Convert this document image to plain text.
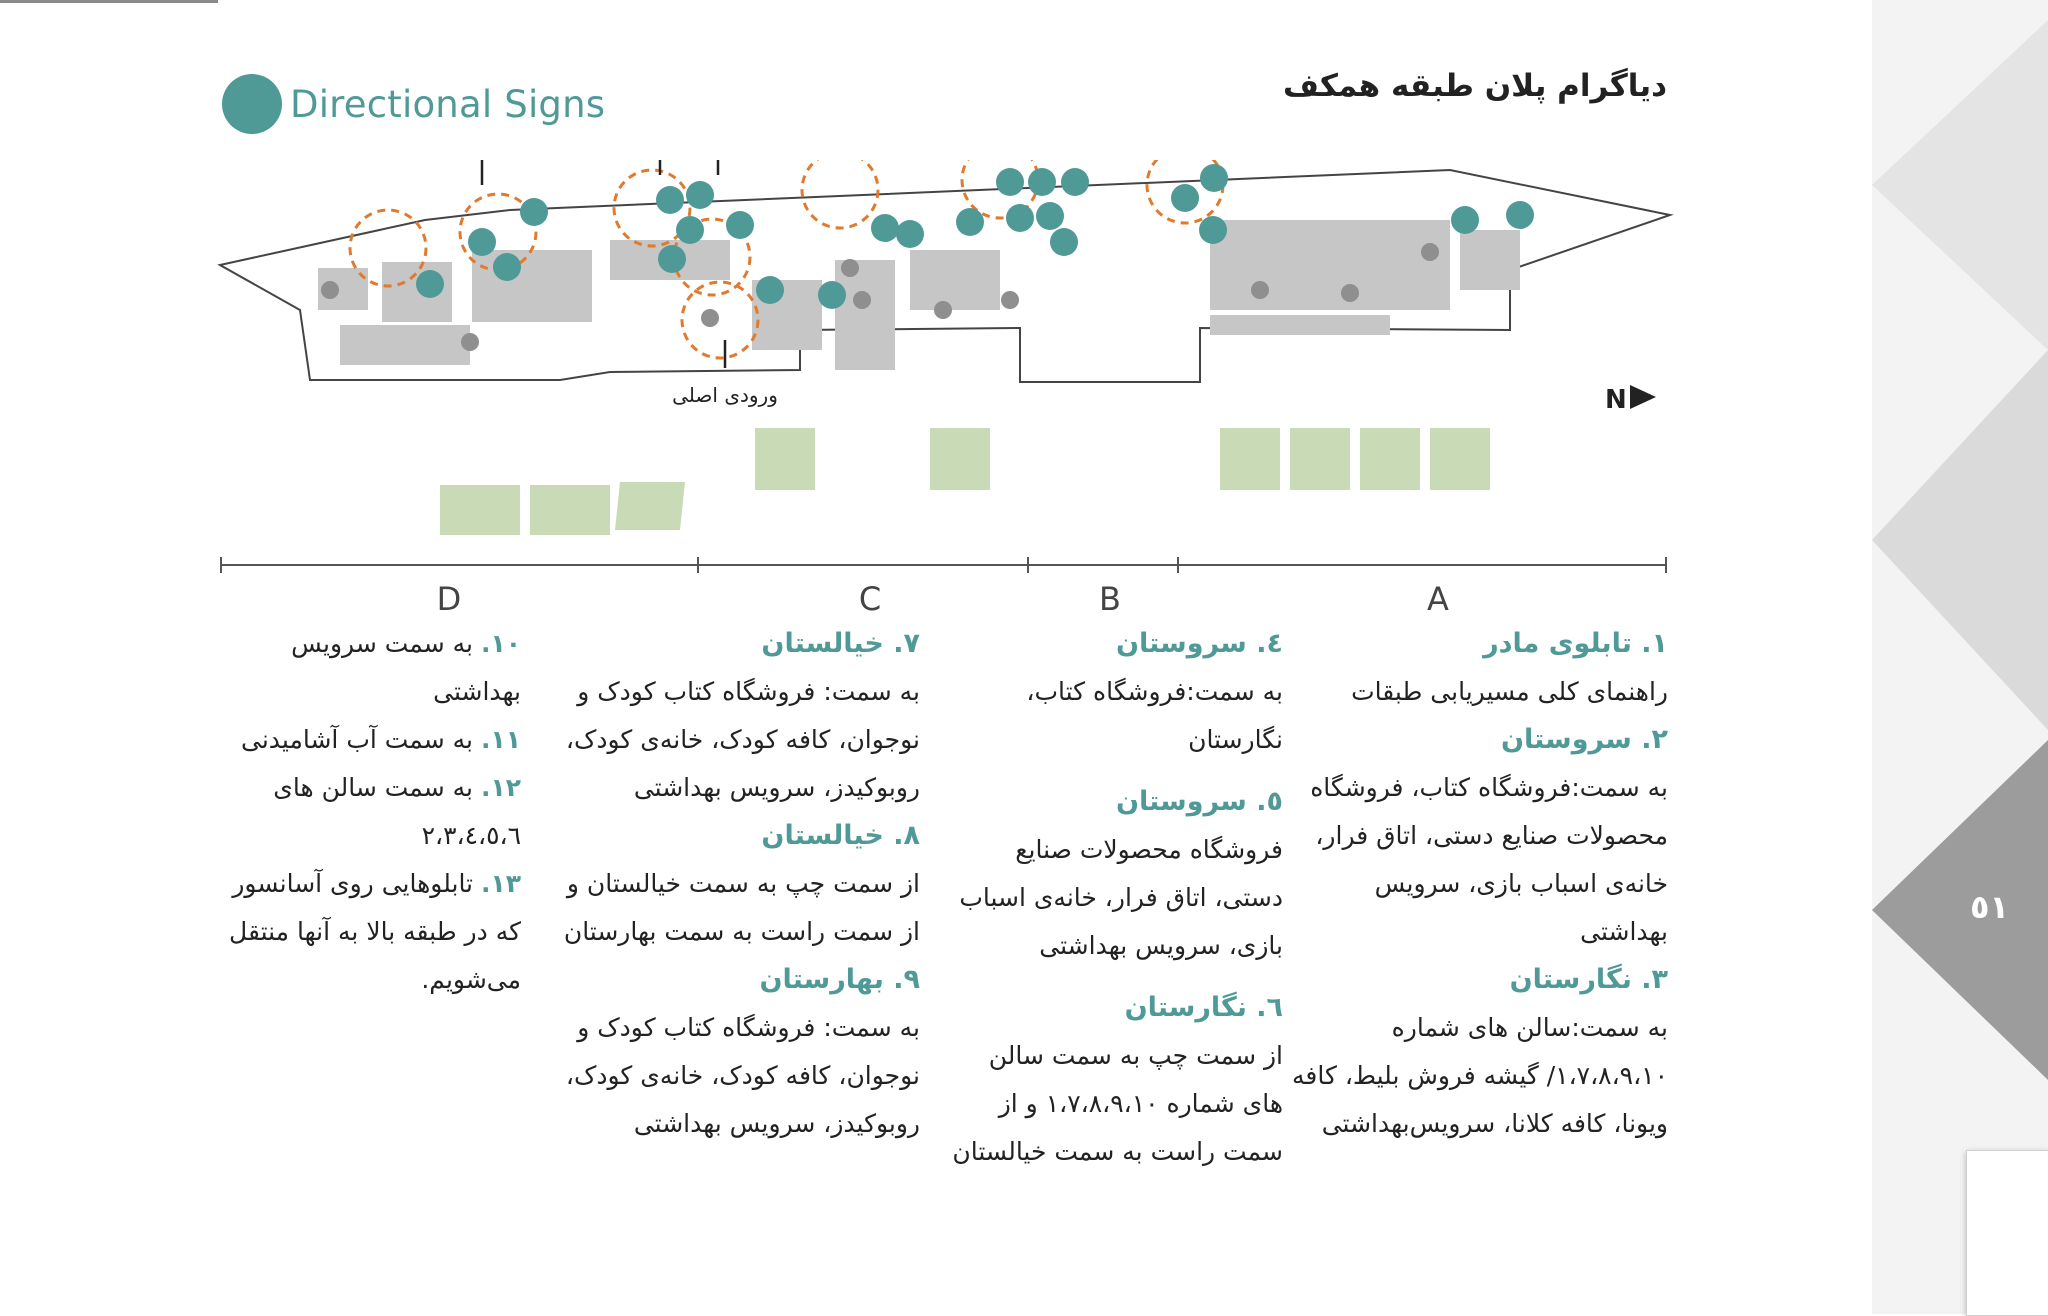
Directional Signs	دیاگرام پلان طبقه همکف
N
ورودی اصلی
D	C	B	A

۱. تابلوی مادر
راهنمای کلی مسیریابی طبقات

۲. سروستان
به سمت:فروشگاه کتاب، فروشگاه محصولات صنایع دستی، اتاق فرار، خانه‌ی اسباب بازی، سرویس بهداشتی

۳. نگارستان
به سمت:سالن های شماره ۱،۷،۸،۹،۱۰/ گیشه فروش بلیط، کافه ویونا، کافه کلانا، سرویس‌بهداشتی

٤. سروستان
به سمت:فروشگاه کتاب، نگارستان

٥. سروستان
فروشگاه محصولات صنایع دستی، اتاق فرار، خانه‌ی اسباب بازی، سرویس بهداشتی

٦. نگارستان
از سمت چپ به سمت سالن های شماره ۱،۷،۸،۹،۱۰ و از سمت راست به سمت خیالستان

٧. خیالستان
به سمت: فروشگاه کتاب کودک و نوجوان، کافه کودک، خانه‌ی کودک، روبوکیدز، سرویس بهداشتی

٨. خیالستان
از سمت چپ به سمت خیالستان و از سمت راست به سمت بهارستان

٩. بهارستان
به سمت: فروشگاه کتاب کودک و نوجوان، کافه کودک، خانه‌ی کودک، روبوکیدز، سرویس بهداشتی

١٠. به سمت سرویس بهداشتی

١١. به سمت آب آشامیدنی

١٢. به سمت سالن های ٢،٣،٤،٥،٦

١٣. تابلوهایی روی آسانسور که در طبقه بالا به آنها منتقل می‌شویم.

٥١
